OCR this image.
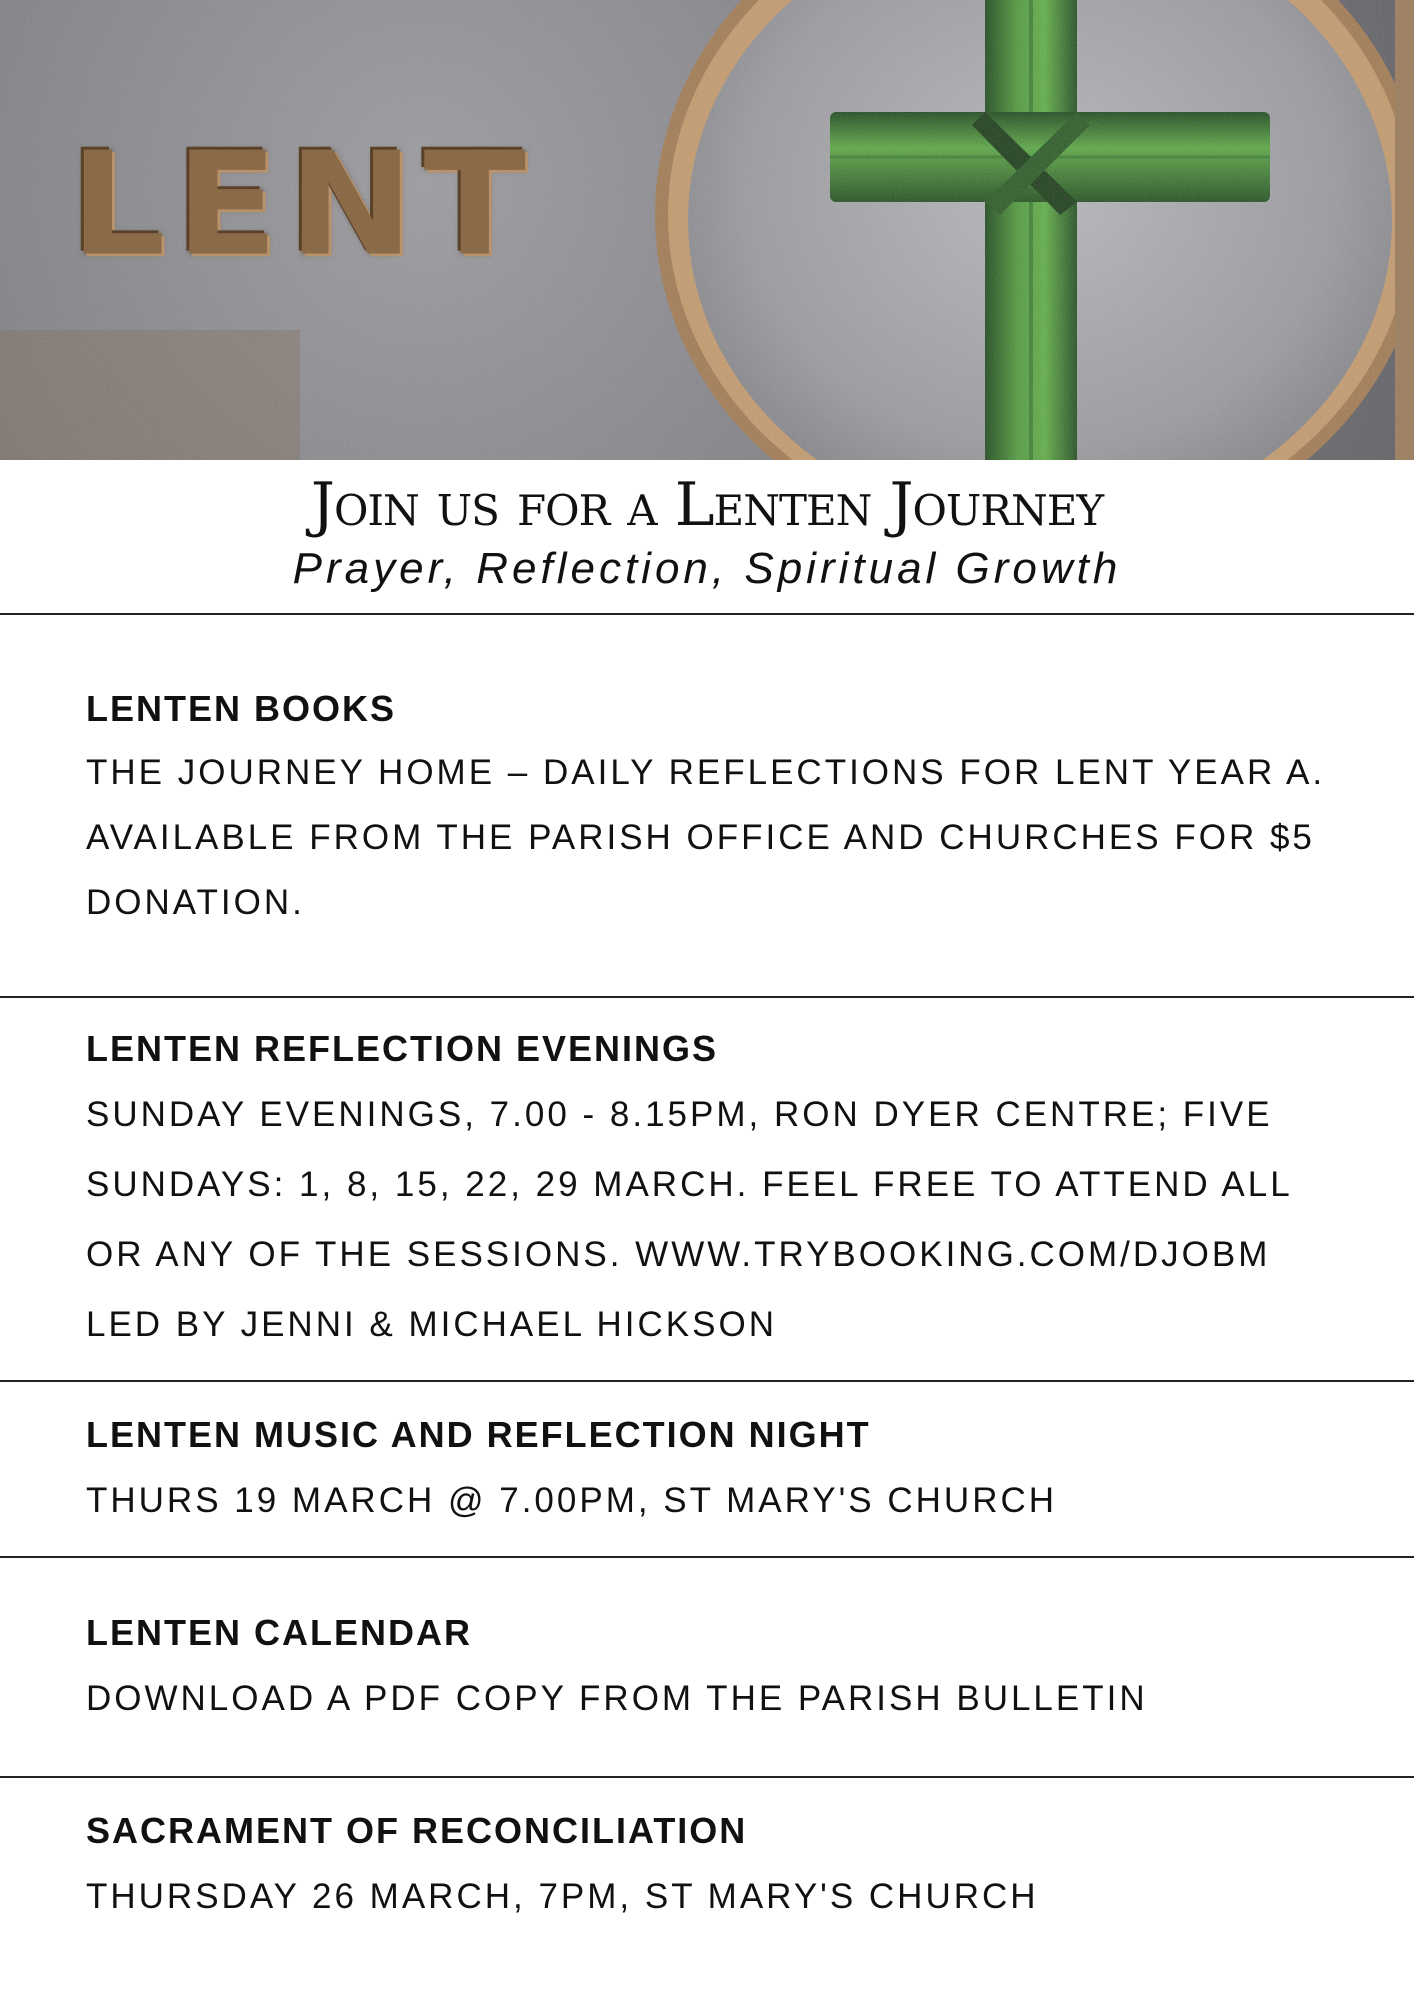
LENT
Join us for a Lenten Journey
Prayer, Reflection, Spiritual Growth
LENTEN BOOKS
THE JOURNEY HOME – DAILY REFLECTIONS FOR LENT YEAR A.
AVAILABLE FROM THE PARISH OFFICE AND CHURCHES FOR $5
DONATION.
LENTEN REFLECTION EVENINGS
SUNDAY EVENINGS, 7.00 - 8.15PM, RON DYER CENTRE; FIVE
SUNDAYS: 1, 8, 15, 22, 29 MARCH. FEEL FREE TO ATTEND ALL
OR ANY OF THE SESSIONS. WWW.TRYBOOKING.COM/DJOBM
LED BY JENNI & MICHAEL HICKSON
LENTEN MUSIC AND REFLECTION NIGHT
THURS 19 MARCH @ 7.00PM, ST MARY'S CHURCH
LENTEN CALENDAR
DOWNLOAD A PDF COPY FROM THE PARISH BULLETIN
SACRAMENT OF RECONCILIATION
THURSDAY 26 MARCH, 7PM, ST MARY'S CHURCH
